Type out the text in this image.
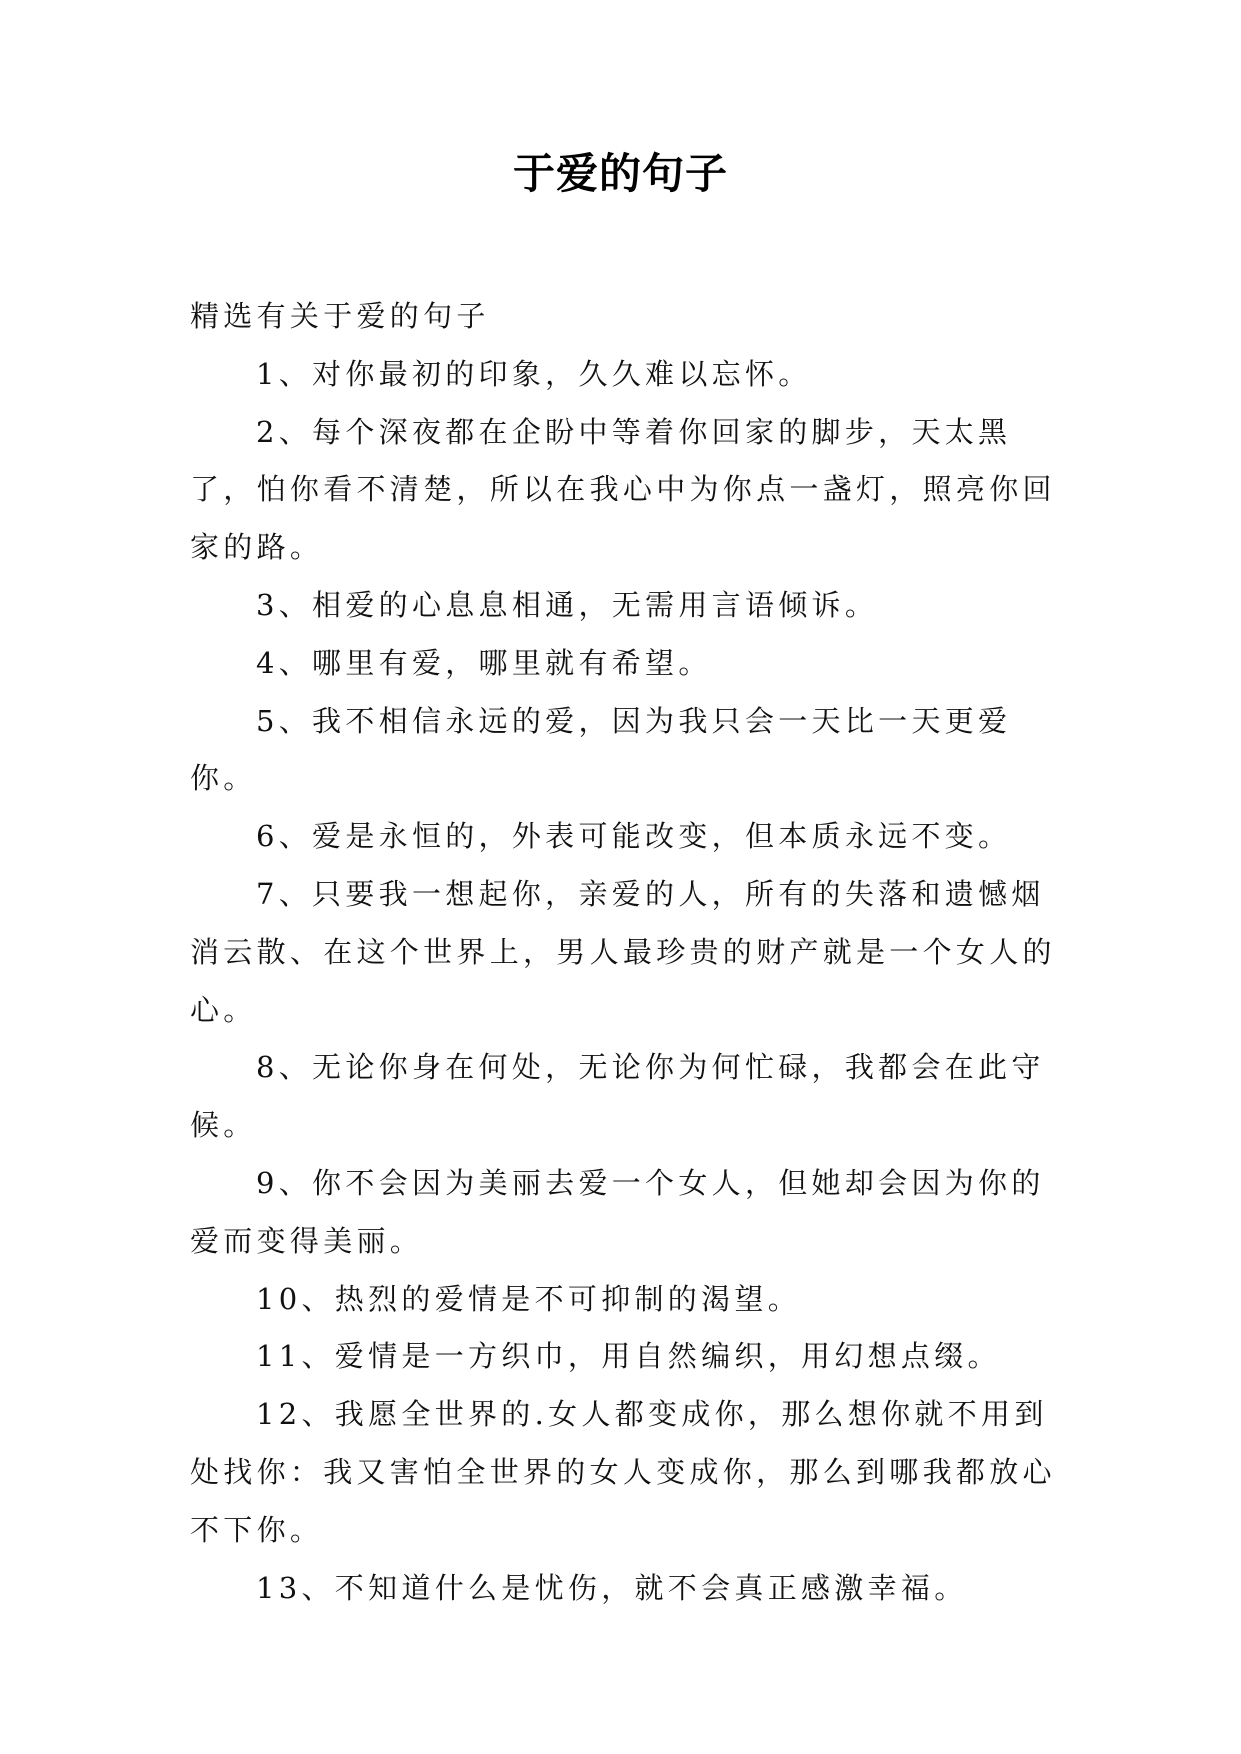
于爱的句子

精选有关于爱的句子

1、对你最初的印象，久久难以忘怀。

2、每个深夜都在企盼中等着你回家的脚步，天太黑了，怕你看不清楚，所以在我心中为你点一盏灯，照亮你回家的路。

3、相爱的心息息相通，无需用言语倾诉。

4、哪里有爱，哪里就有希望。

5、我不相信永远的爱，因为我只会一天比一天更爱你。

6、爱是永恒的，外表可能改变，但本质永远不变。

7、只要我一想起你，亲爱的人，所有的失落和遗憾烟消云散、在这个世界上，男人最珍贵的财产就是一个女人的心。

8、无论你身在何处，无论你为何忙碌，我都会在此守候。

9、你不会因为美丽去爱一个女人，但她却会因为你的爱而变得美丽。

10、热烈的爱情是不可抑制的渴望。

11、爱情是一方织巾，用自然编织，用幻想点缀。

12、我愿全世界的.女人都变成你，那么想你就不用到处找你：我又害怕全世界的女人变成你，那么到哪我都放心不下你。

13、不知道什么是忧伤，就不会真正感激幸福。
